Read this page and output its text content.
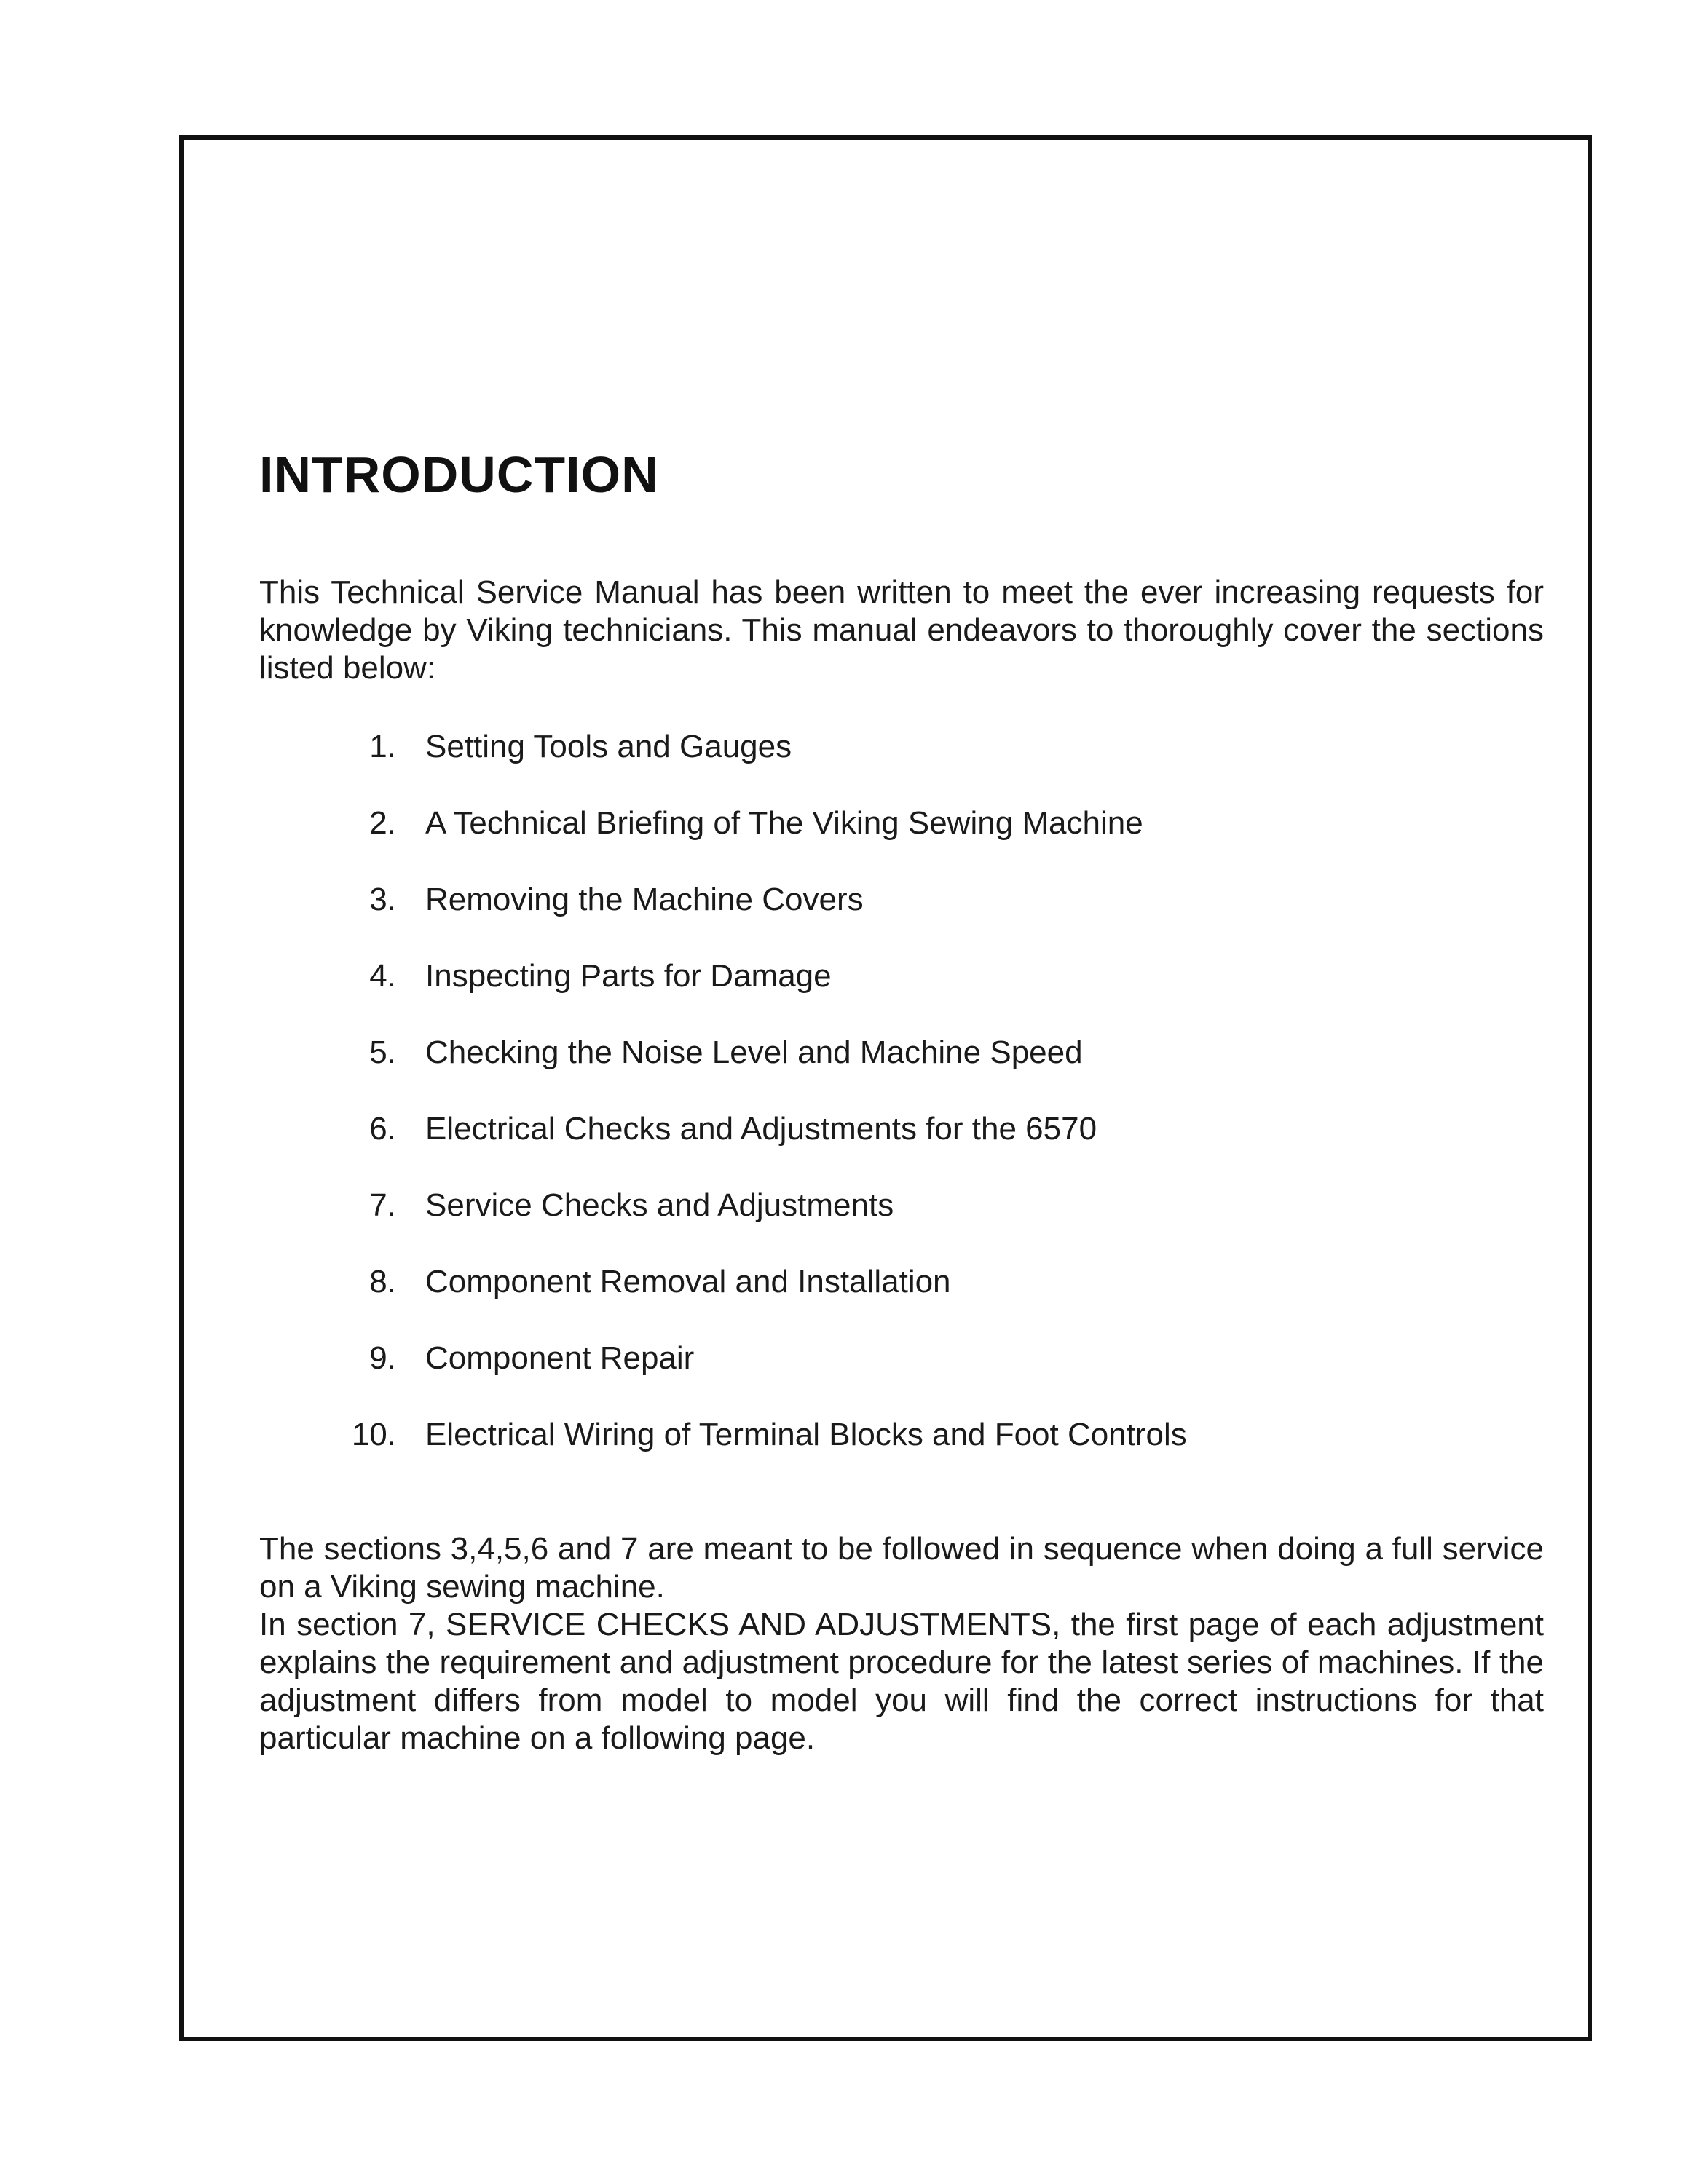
INTRODUCTION

This Technical Service Manual has been written to meet the ever increasing requests for knowledge by Viking technicians. This manual endeavors to thoroughly cover the sections listed below:

1. Setting Tools and Gauges
2. A Technical Briefing of The Viking Sewing Machine
3. Removing the Machine Covers
4. Inspecting Parts for Damage
5. Checking the Noise Level and Machine Speed
6. Electrical Checks and Adjustments for the 6570
7. Service Checks and Adjustments
8. Component Removal and Installation
9. Component Repair
10. Electrical Wiring of Terminal Blocks and Foot Controls

The sections 3,4,5,6 and 7 are meant to be followed in sequence when doing a full service on a Viking sewing machine.

In section 7, SERVICE CHECKS AND ADJUSTMENTS, the first page of each adjustment explains the requirement and adjustment procedure for the latest series of machines. If the adjustment differs from model to model you will find the correct instructions for that particular machine on a following page.
